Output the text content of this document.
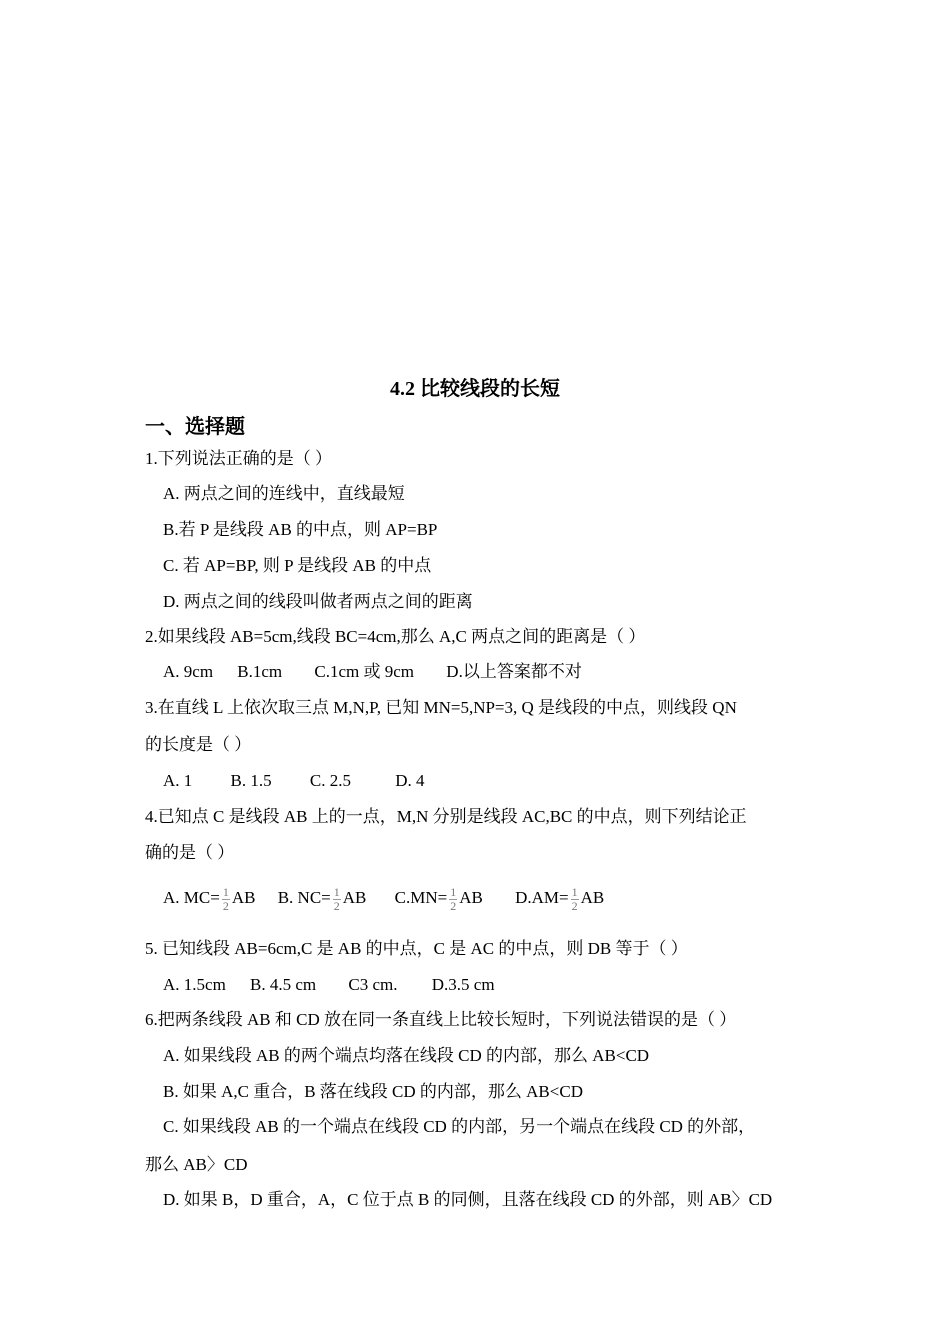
4.2 比较线段的长短
一、选择题
1.下列说法正确的是（ ）
A. 两点之间的连线中，直线最短
B.若 P 是线段 AB 的中点，则 AP=BP
C. 若 AP=BP, 则 P 是线段 AB 的中点
D. 两点之间的线段叫做者两点之间的距离
2.如果线段 AB=5cm,线段 BC=4cm,那么 A,C 两点之间的距离是（ ）
A. 9cm B.1cm C.1cm 或 9cm D.以上答案都不对
3.在直线 L 上依次取三点 M,N,P, 已知 MN=5,NP=3, Q 是线段的中点，则线段 QN
的长度是（ ）
A. 1 B. 1.5 C. 2.5	D. 4
4.已知点 C 是线段 AB 上的一点，M,N 分别是线段 AC,BC 的中点，则下列结论正
确的是（ ）
A. $MC= \frac{1}{2}$ AB B. $NC= \frac{1}{2}$ AB $C.MN= \frac{1}{2}$ AB $D.AM= \frac{1}{2}$ AB
5. 已知线段 AB=6cm,C 是 AB 的中点，C 是 AC 的中点，则 DB 等于（ ）
A. 1.5cm B. 4.5 cm C3 cm. D.3.5 cm
6.把两条线段 AB 和 CD 放在同一条直线上比较长短时，下列说法错误的是（ ）
A. 如果线段 AB 的两个端点均落在线段 CD 的内部，那么 AB<CD
B. 如果 A,C 重合，B 落在线段 CD 的内部，那么 AB<CD
C. 如果线段 AB 的一个端点在线段 CD 的内部，另一个端点在线段 CD 的外部，
那么 AB〉CD
D. 如果 B，D 重合，A，C 位于点 B 的同侧，且落在线段 CD 的外部，则 AB〉CD
